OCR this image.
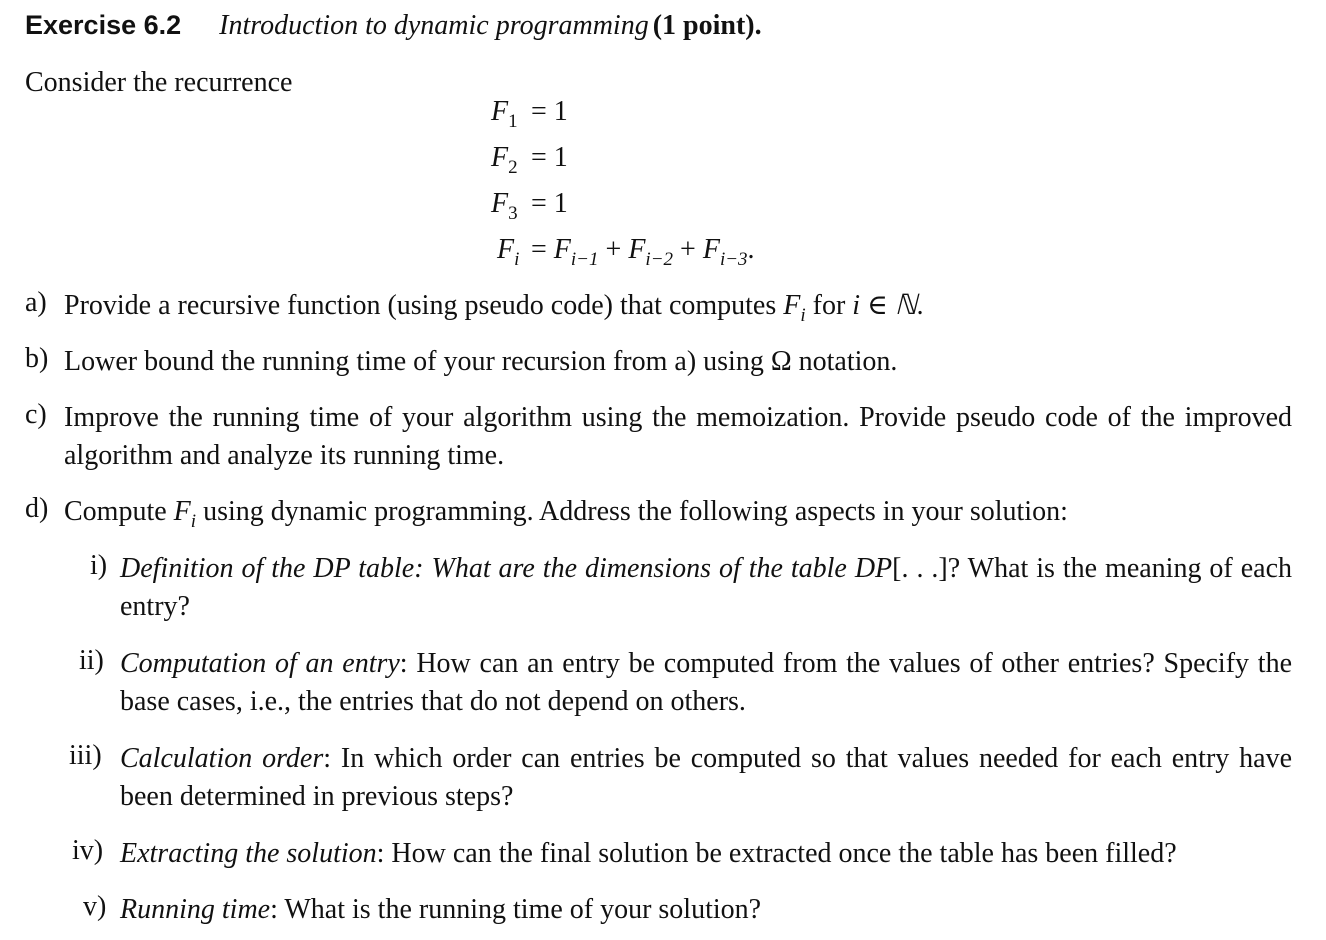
Exercise 6.2 Introduction to dynamic programming (1 point).
Consider the recurrence
$F_1 = 1$
$F_2 = 1$
$F_3 = 1$
$F_i = F_{i-1} + F_{i-2} + F_{i-3}$.
a) Provide a recursive function (using pseudo code) that computes $F_i$ for i ∈ ℕ.
b) Lower bound the running time of your recursion from a) using Ω notation.
c) Improve the running time of your algorithm using the memoization. Provide pseudo code of the improved algorithm and analyze its running time.
d) Compute $F_i$ using dynamic programming. Address the following aspects in your solution:
i) Definition of the DP table: What are the dimensions of the table DP[. . .]? What is the meaning of each entry?
ii) Computation of an entry: How can an entry be computed from the values of other entries? Specify the base cases, i.e., the entries that do not depend on others.
iii) Calculation order: In which order can entries be computed so that values needed for each entry have been determined in previous steps?
iv) Extracting the solution: How can the final solution be extracted once the table has been filled?
v) Running time: What is the running time of your solution?
